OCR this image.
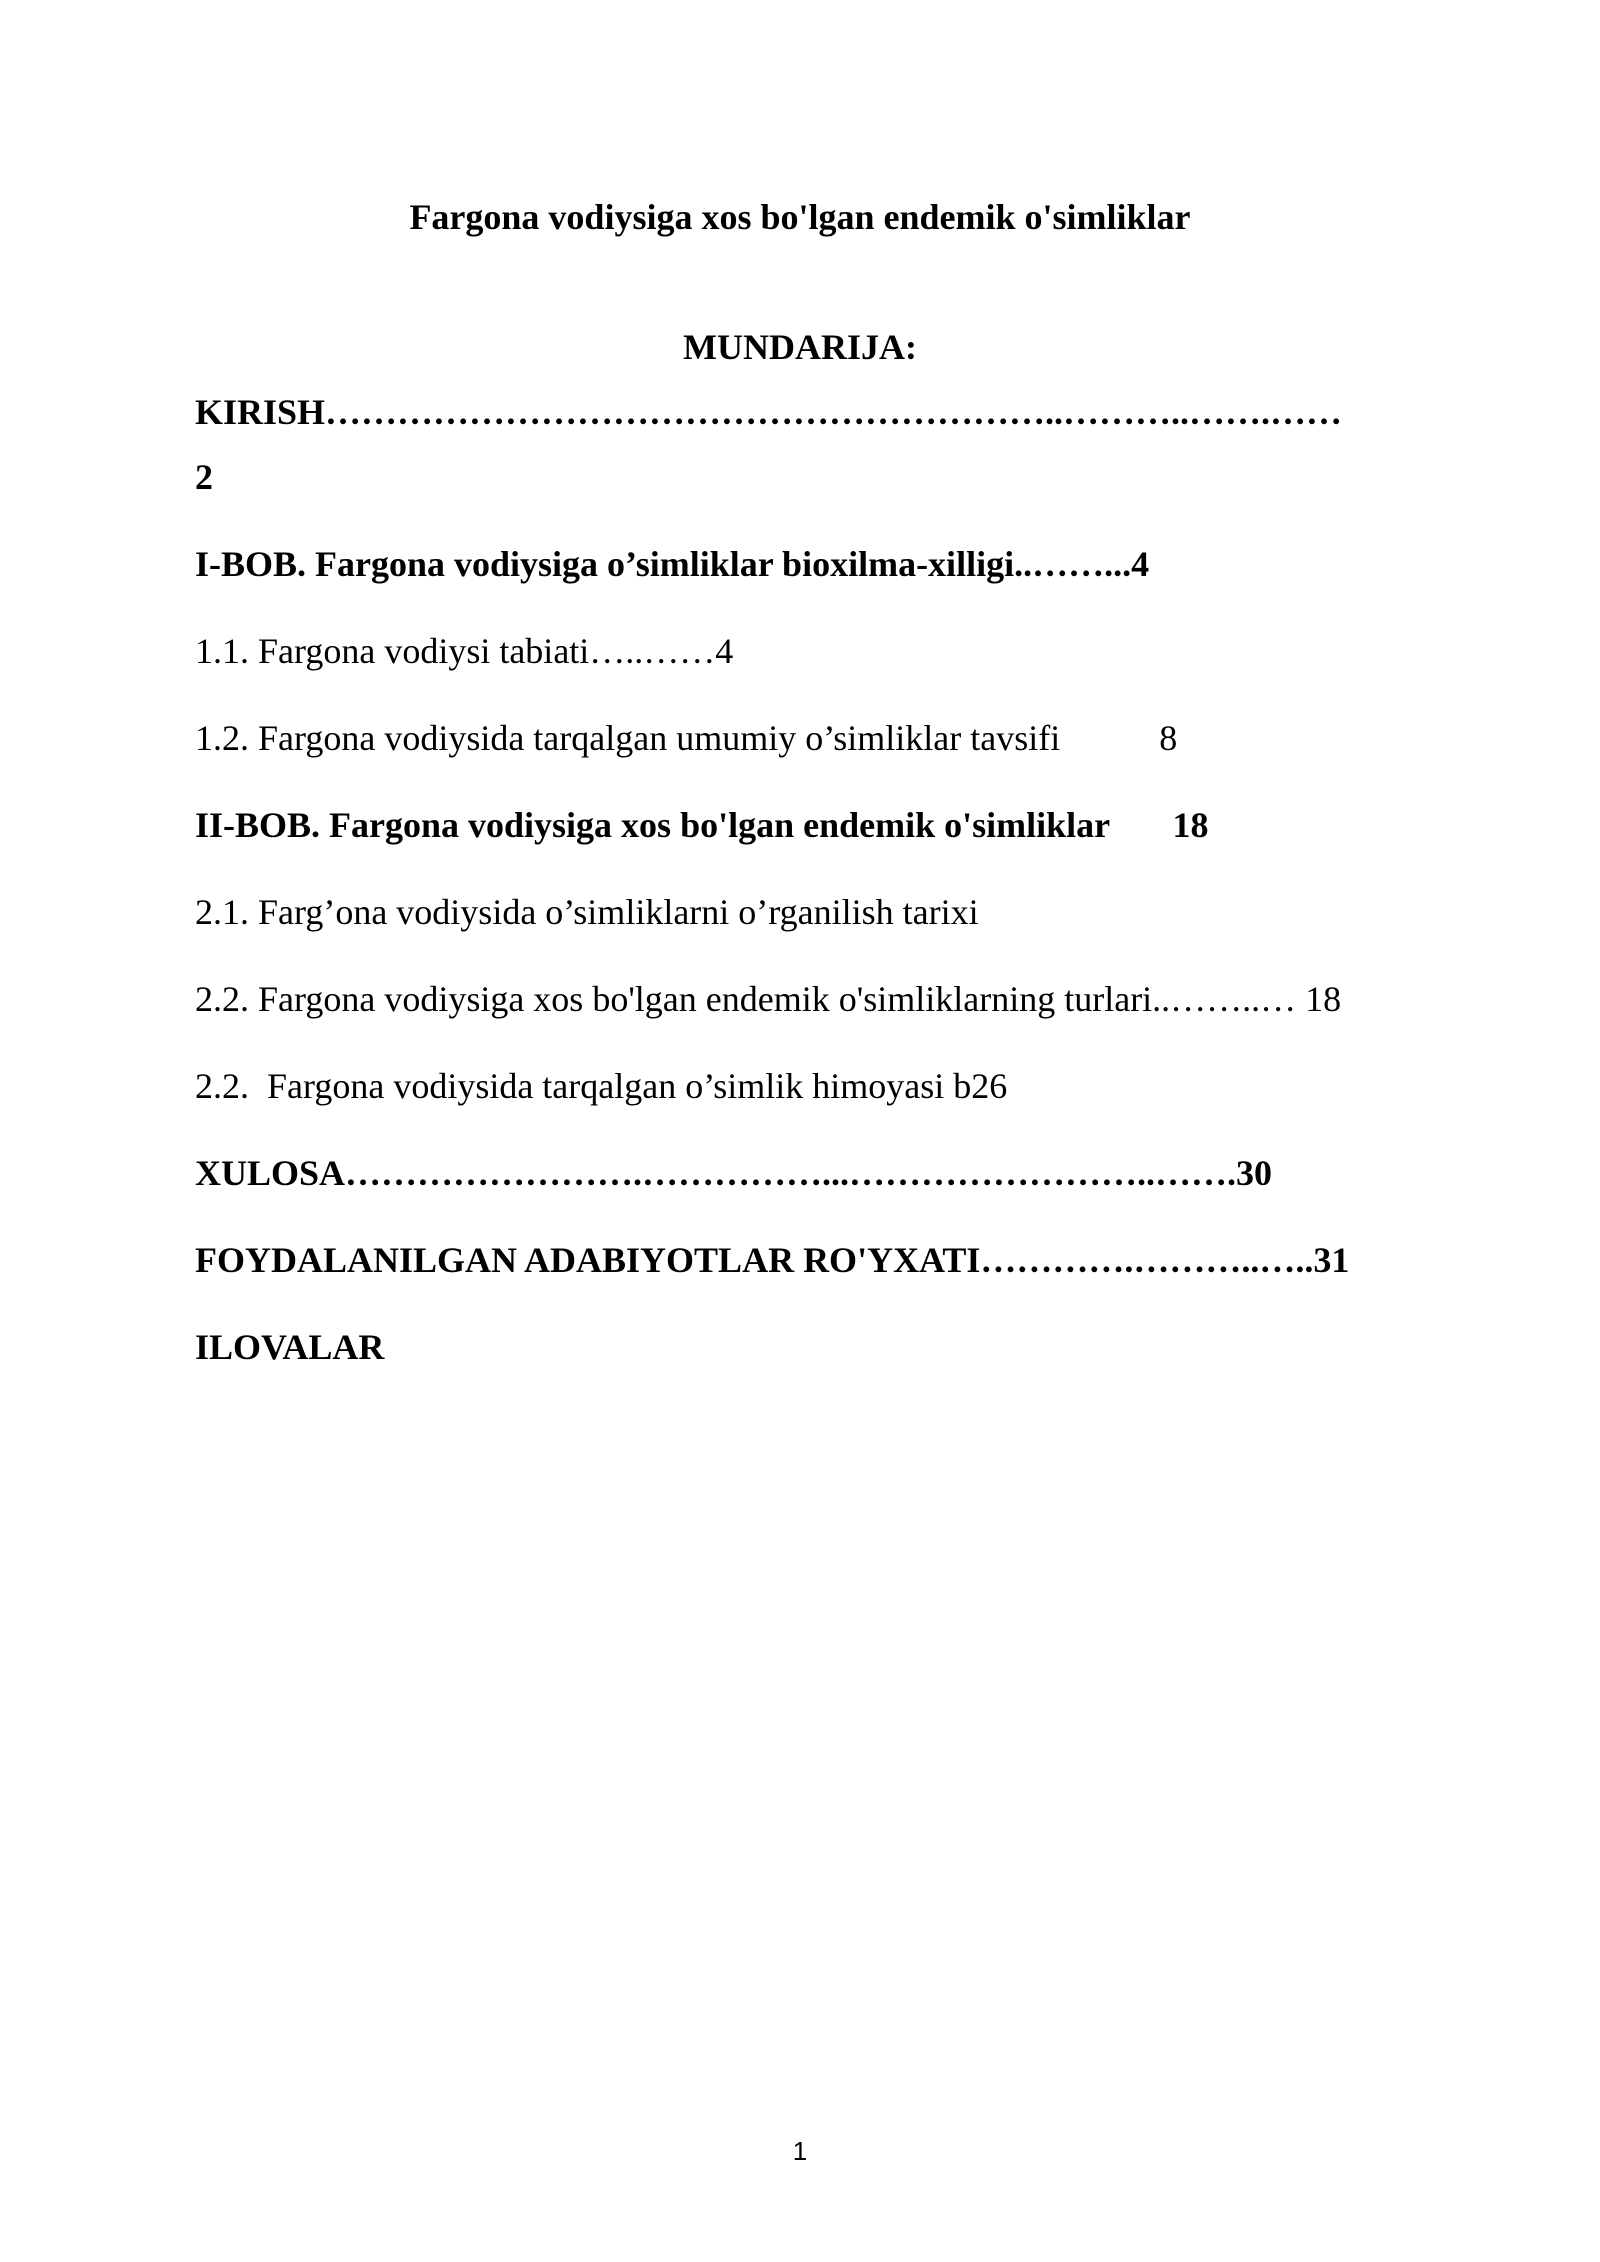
Fargona vodiysiga xos bo'lgan endemik o'simliklar
MUNDARIJA:
KIRISH……………………………………………………..………..…….……
2
I-BOB. Fargona vodiysiga o’simliklar bioxilma-xilligi..……...4
1.1. Fargona vodiysi tabiati…..……4
1.2. Fargona vodiysida tarqalgan umumiy o’simliklar tavsifi           8
II-BOB. Fargona vodiysiga xos bo'lgan endemik o'simliklar       18
2.1. Farg’ona vodiysida o’simliklarni o’rganilish tarixi
2.2. Fargona vodiysiga xos bo'lgan endemik o'simliklarning turlari..……..… 18
2.2.  Fargona vodiysida tarqalgan o’simlik himoyasi b26
XULOSA…………………….……………...……………………..…….30
FOYDALANILGAN ADABIYOTLAR RO'YXATI………….………..…..31
ILOVALAR
1
